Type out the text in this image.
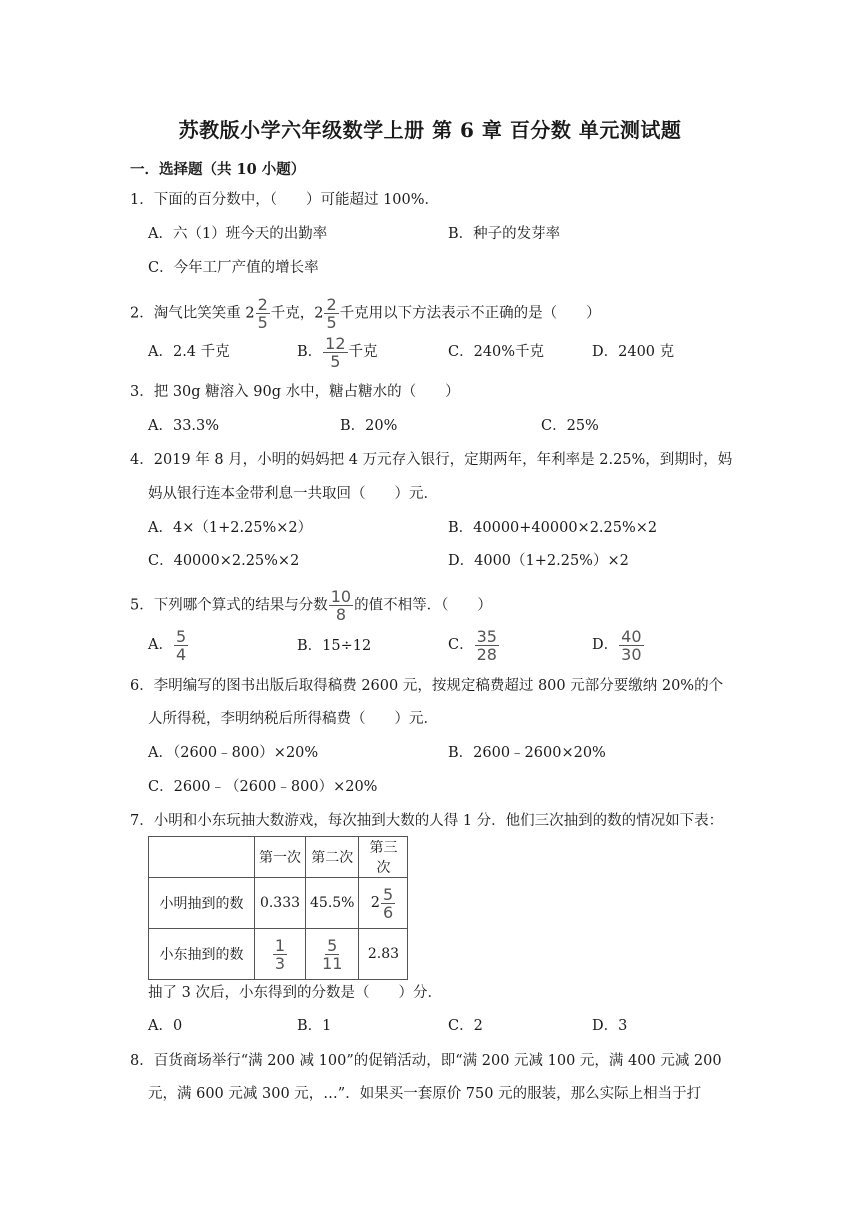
苏教版小学六年级数学上册 第 6 章 百分数 单元测试题
一．选择题（共 10 小题）
1．下面的百分数中，（　　）可能超过 100%．
A．六（1）班今天的出勤率	B．种子的发芽率
C．今年工厂产值的增长率
2．淘气比笑笑重 $2 \frac{2}{5}$ 千克，$2 \frac{2}{5}$ 千克用以下方法表示不正确的是（　　）
A．2.4 千克	B． $\frac{12}{5}$ 千克	C．240%千克	D．2400 克
3．把 30g 糖溶入 90g 水中，糖占糖水的（　　）
A．33.3%	B．20%	C．25%
4．2019 年 8 月，小明的妈妈把 4 万元存入银行，定期两年，年利率是 2.25%，到期时，妈
妈从银行连本金带利息一共取回（　　）元．
A．4×（1+2.25%×2）	B．40000+40000×2.25%×2
C．40000×2.25%×2	D．4000（1+2.25%）×2
5．下列哪个算式的结果与分数 $\frac{10}{8}$ 的值不相等．（　　）
A． $\frac{5}{4}$	B．15÷12	C． $\frac{35}{28}$	D． $\frac{40}{30}$
6．李明编写的图书出版后取得稿费 2600 元，按规定稿费超过 800 元部分要缴纳 20%的个
人所得税，李明纳税后所得稿费（　　）元．
A．（2600﹣800）×20%	B．2600﹣2600×20%
C．2600﹣（2600﹣800）×20%
7．小明和小东玩抽大数游戏，每次抽到大数的人得 1 分．他们三次抽到的数的情况如下表：
	第一次	第二次	第三次
小明抽到的数	0.333	45.5%	$2 \frac{5}{6}$

小东抽到的数	$\frac{1}{3}$	$\frac{5}{11}$	2.83
抽了 3 次后，小东得到的分数是（　　）分．
A．0	B．1	C．2	D．3
8．百货商场举行“满 200 减 100”的促销活动，即“满 200 元减 100 元，满 400 元减 200
元，满 600 元减 300 元，…”．如果买一套原价 750 元的服装，那么实际上相当于打
